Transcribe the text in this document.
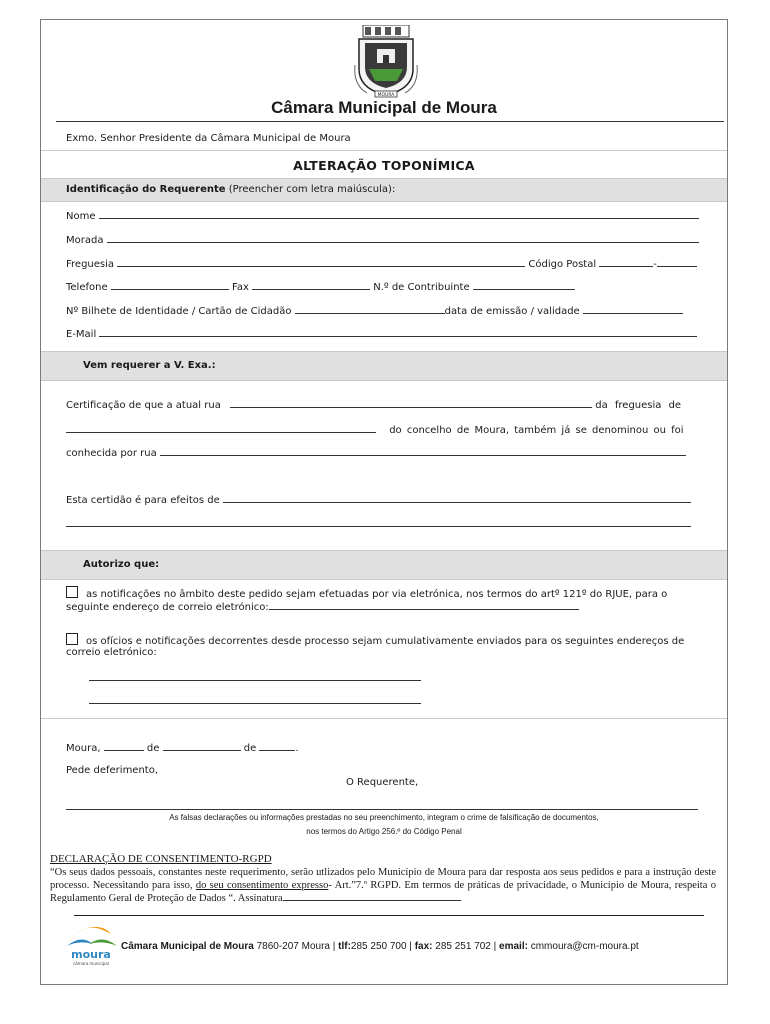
MOURA
Câmara Municipal de Moura
Exmo. Senhor Presidente da Câmara Municipal de Moura
ALTERAÇÃO TOPONÍMICA
Identificação do Requerente (Preencher com letra maiúscula):
Nome
Morada
Freguesia	Código Postal	-
Telefone	Fax	N.º de Contribuinte
Nº Bilhete de Identidade / Cartão de Cidadão	data de emissão / validade
E-Mail
Vem requerer a V. Exa.:
Certificação de que a atual rua	da freguesia de
do concelho de Moura, também já se denominou ou foi
conhecida por rua
Esta certidão é para efeitos de
Autorizo que:
as notificações no âmbito deste pedido sejam efetuadas por via eletrónica, nos termos do artº 121º do RJUE, para o
seguinte endereço de correio eletrónico:
os ofícios e notificações decorrentes desde processo sejam cumulativamente enviados para os seguintes endereços de
correio eletrónico:
Moura,	de	de	.
Pede deferimento,
O Requerente,
As falsas declarações ou informações prestadas no seu preenchimento, integram o crime de falsificação de documentos,
nos termos do Artigo 256.º do Código Penal
DECLARAÇÃO DE CONSENTIMENTO-RGPD
“Os seus dados pessoais, constantes neste requerimento, serão utlizados pelo Município de Moura para dar resposta aos seus pedidos e para a instrução deste processo. Necessitando para isso, do seu consentimento expresso- Art.”7.º RGPD. Em termos de práticas de privacidade, o Município de Moura, respeita o Regulamento Geral de Proteção de Dados “. Assinatura
moura
câmara municipal
Câmara Municipal de Moura 7860-207 Moura | tlf:285 250 700 | fax: 285 251 702 | email: cmmoura@cm-moura.pt
